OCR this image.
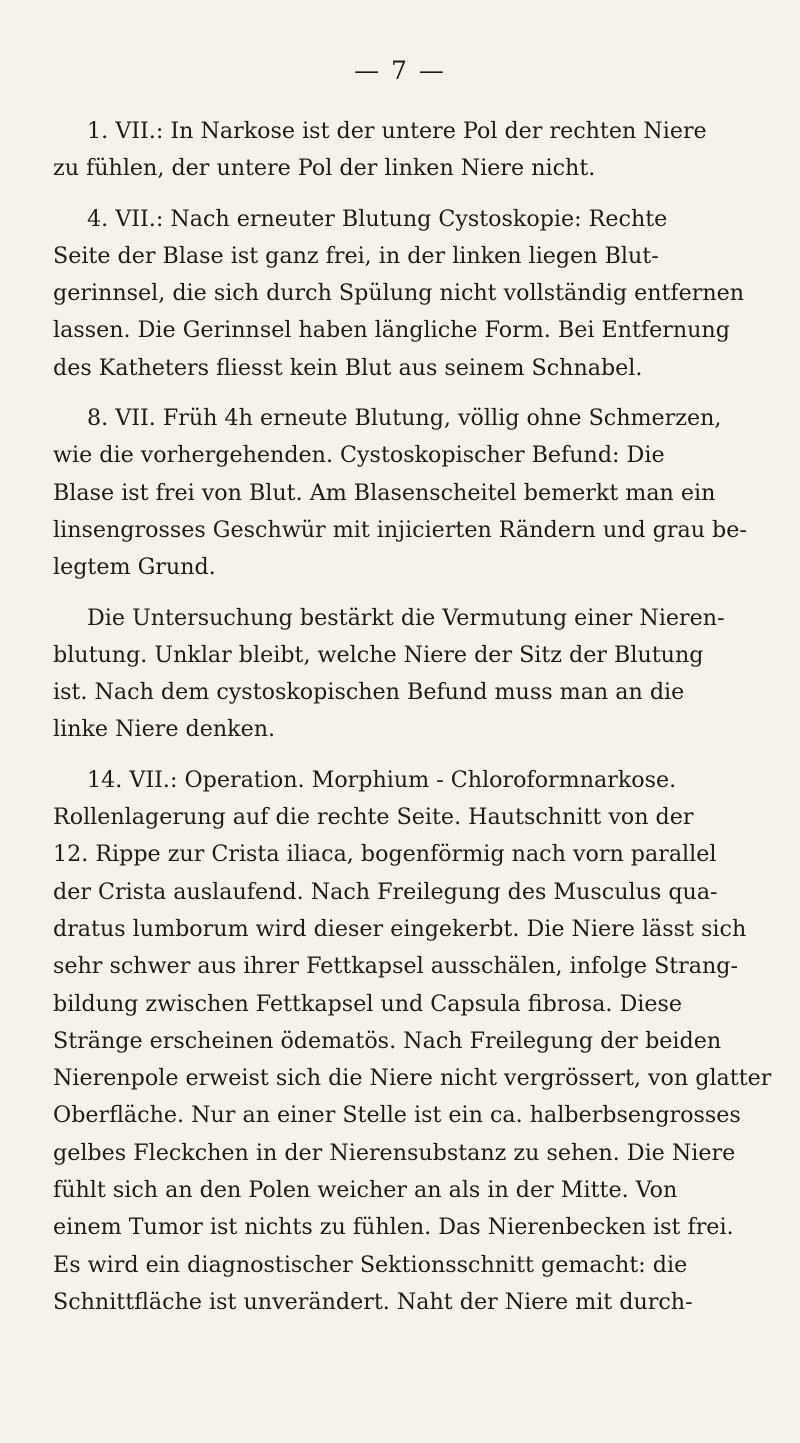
— 7 —
1. VII.: In Narkose ist der untere Pol der rechten Niere
zu fühlen, der untere Pol der linken Niere nicht.
4. VII.: Nach erneuter Blutung Cystoskopie: Rechte
Seite der Blase ist ganz frei, in der linken liegen Blut-
gerinnsel, die sich durch Spülung nicht vollständig entfernen
lassen. Die Gerinnsel haben längliche Form. Bei Entfernung
des Katheters fliesst kein Blut aus seinem Schnabel.
8. VII. Früh 4h erneute Blutung, völlig ohne Schmerzen,
wie die vorhergehenden. Cystoskopischer Befund: Die
Blase ist frei von Blut. Am Blasenscheitel bemerkt man ein
linsengrosses Geschwür mit injicierten Rändern und grau be-
legtem Grund.
Die Untersuchung bestärkt die Vermutung einer Nieren-
blutung. Unklar bleibt, welche Niere der Sitz der Blutung
ist. Nach dem cystoskopischen Befund muss man an die
linke Niere denken.
14. VII.: Operation. Morphium - Chloroformnarkose.
Rollenlagerung auf die rechte Seite. Hautschnitt von der
12. Rippe zur Crista iliaca, bogenförmig nach vorn parallel
der Crista auslaufend. Nach Freilegung des Musculus qua-
dratus lumborum wird dieser eingekerbt. Die Niere lässt sich
sehr schwer aus ihrer Fettkapsel ausschälen, infolge Strang-
bildung zwischen Fettkapsel und Capsula fibrosa. Diese
Stränge erscheinen ödematös. Nach Freilegung der beiden
Nierenpole erweist sich die Niere nicht vergrössert, von glatter
Oberfläche. Nur an einer Stelle ist ein ca. halberbsengrosses
gelbes Fleckchen in der Nierensubstanz zu sehen. Die Niere
fühlt sich an den Polen weicher an als in der Mitte. Von
einem Tumor ist nichts zu fühlen. Das Nierenbecken ist frei.
Es wird ein diagnostischer Sektionsschnitt gemacht: die
Schnittfläche ist unverändert. Naht der Niere mit durch-
